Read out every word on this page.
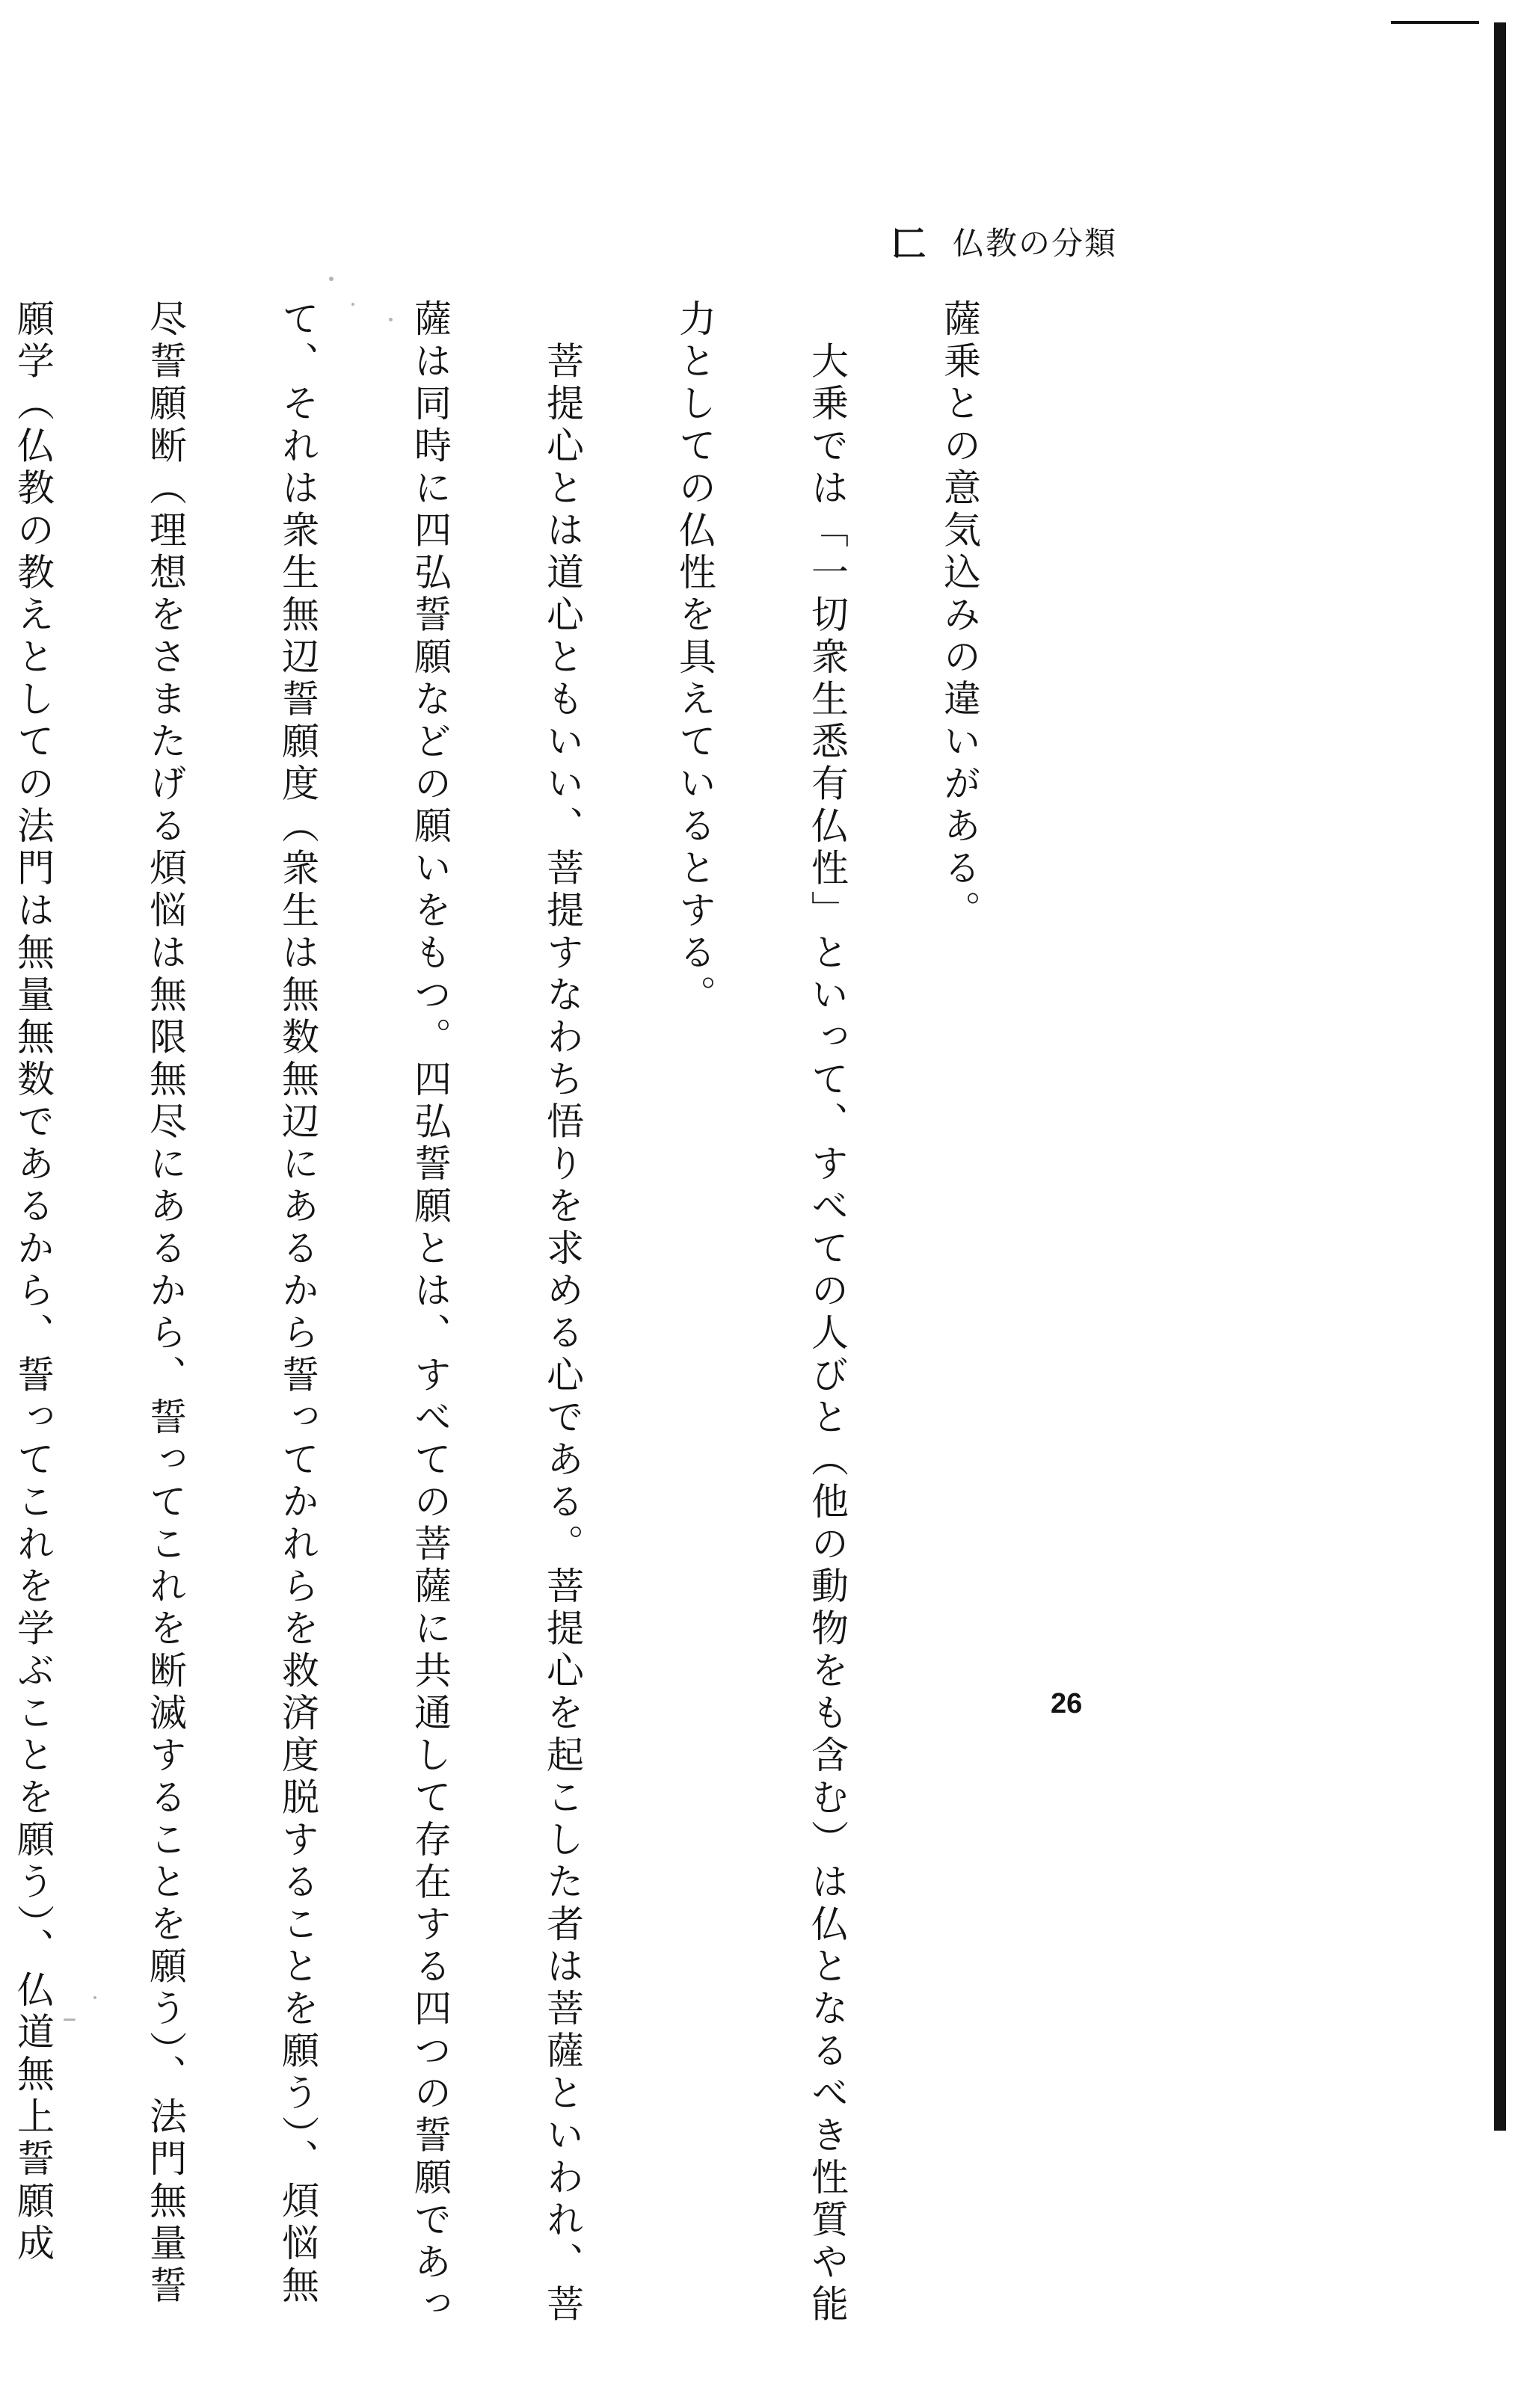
匚 仏教の分類

薩乗との意気込みの違いがある。

　大乗では「一切衆生悉有仏性」といって、すべての人びと（他の動物をも含む）は仏となるべき性質や能

力としての仏性を具えているとする。

　菩提心とは道心ともいい、菩提すなわち悟りを求める心である。菩提心を起こした者は菩薩といわれ、菩

薩は同時に四弘誓願などの願いをもつ。四弘誓願とは、すべての菩薩に共通して存在する四つの誓願であっ

て、それは衆生無辺誓願度（衆生は無数無辺にあるから誓ってかれらを救済度脱することを願う）、煩悩無

尽誓願断（理想をさまたげる煩悩は無限無尽にあるから、誓ってこれを断滅することを願う）、法門無量誓

願学（仏教の教えとしての法門は無量無数であるから、誓ってこれを学ぶことを願う）、仏道無上誓願成

	26
